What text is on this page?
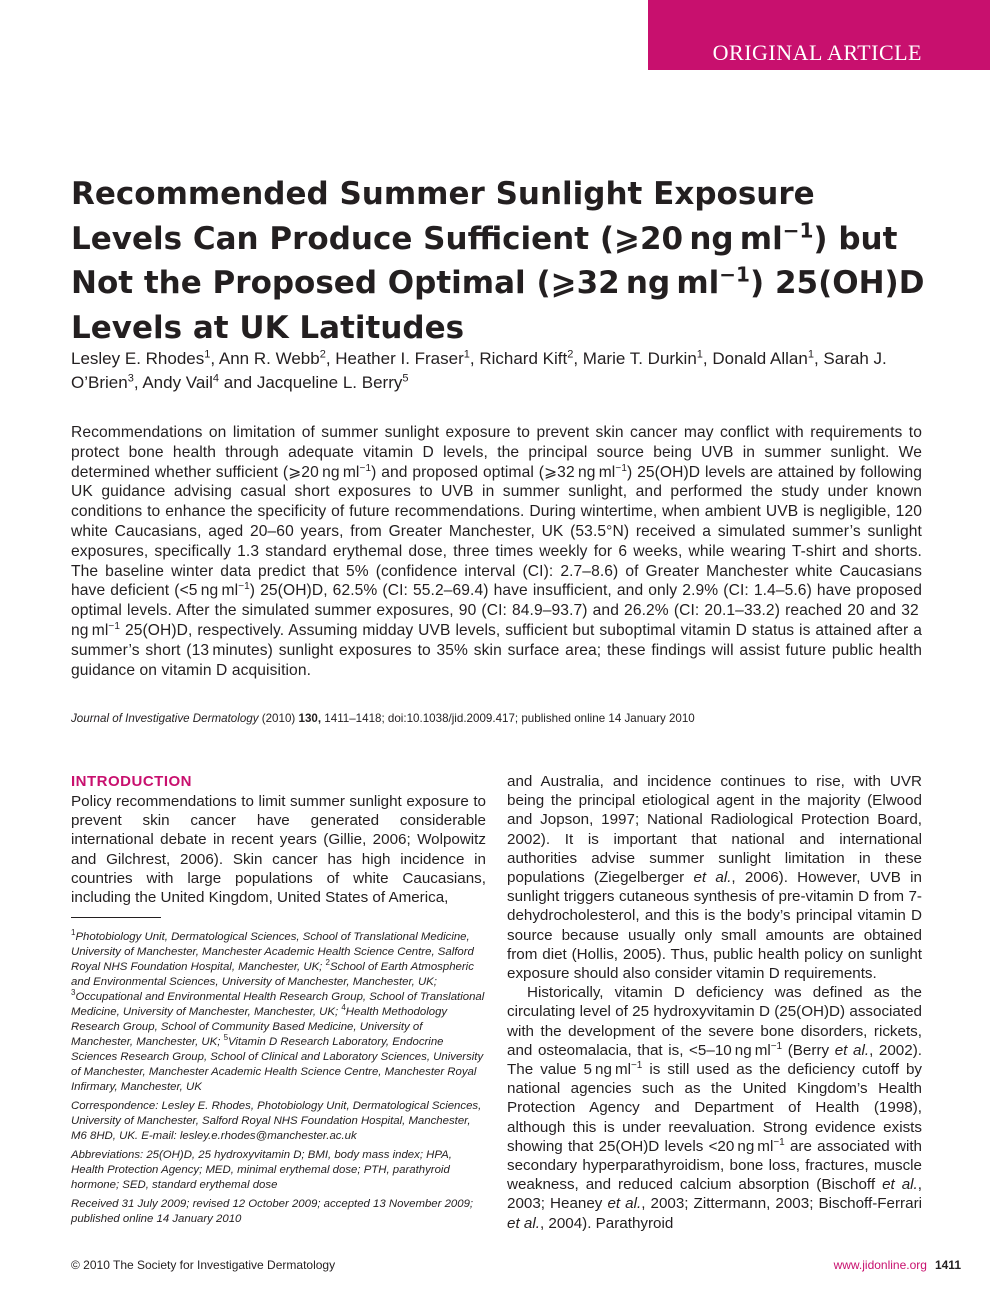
ORIGINAL ARTICLE
Recommended Summer Sunlight Exposure Levels Can Produce Sufficient (⩾20 ng $ml^{-1}$) but Not the Proposed Optimal (⩾32 ng $ml^{-1}$) 25(OH)D Levels at UK Latitudes
Lesley E. Rhodes$^1$, Ann R. Webb$^2$, Heather I. Fraser$^1$, Richard Kift$^2$, Marie T. Durkin$^1$, Donald Allan$^1$, Sarah J. O’Brien$^3$, Andy Vail$^4$ and Jacqueline L. Berry$^5$

Recommendations on limitation of summer sunlight exposure to prevent skin cancer may conflict with requirements to protect bone health through adequate vitamin D levels, the principal source being UVB in summer sunlight. We determined whether sufficient (⩾20 ng $ml^{-1}$) and proposed optimal (⩾32 ng $ml^{-1}$) 25(OH)D levels are attained by following UK guidance advising casual short exposures to UVB in summer sunlight, and performed the study under known conditions to enhance the specificity of future recommendations. During wintertime, when ambient UVB is negligible, 120 white Caucasians, aged 20–60 years, from Greater Manchester, UK (53.5°N) received a simulated summer’s sunlight exposures, specifically 1.3 standard erythemal dose, three times weekly for 6 weeks, while wearing T-shirt and shorts. The baseline winter data predict that 5% (confidence interval (CI): 2.7–8.6) of Greater Manchester white Caucasians have deficient (<5 ng $ml^{-1}$) 25(OH)D, 62.5% (CI: 55.2–69.4) have insufficient, and only 2.9% (CI: 1.4–5.6) have proposed optimal levels. After the simulated summer exposures, 90 (CI: 84.9–93.7) and 26.2% (CI: 20.1–33.2) reached 20 and 32 ng $ml^{-1}$ 25(OH)D, respectively. Assuming midday UVB levels, sufficient but suboptimal vitamin D status is attained after a summer’s short (13 minutes) sunlight exposures to 35% skin surface area; these findings will assist future public health guidance on vitamin D acquisition.

Journal of Investigative Dermatology (2010) 130, 1411–1418; doi:10.1038/jid.2009.417; published online 14 January 2010

INTRODUCTION

Policy recommendations to limit summer sunlight exposure to prevent skin cancer have generated considerable international debate in recent years (Gillie, 2006; Wolpowitz and Gilchrest, 2006). Skin cancer has high incidence in countries with large populations of white Caucasians, including the United Kingdom, United States of America,

$^1$Photobiology Unit, Dermatological Sciences, School of Translational Medicine, University of Manchester, Manchester Academic Health Science Centre, Salford Royal NHS Foundation Hospital, Manchester, UK; $^2$School of Earth Atmospheric and Environmental Sciences, University of Manchester, Manchester, UK; $^3$Occupational and Environmental Health Research Group, School of Translational Medicine, University of Manchester, Manchester, UK; $^4$Health Methodology Research Group, School of Community Based Medicine, University of Manchester, Manchester, UK; $^5$Vitamin D Research Laboratory, Endocrine Sciences Research Group, School of Clinical and Laboratory Sciences, University of Manchester, Manchester Academic Health Science Centre, Manchester Royal Infirmary, Manchester, UK

Correspondence: Lesley E. Rhodes, Photobiology Unit, Dermatological Sciences, University of Manchester, Salford Royal NHS Foundation Hospital, Manchester, M6 8HD, UK. E-mail: lesley.e.rhodes@manchester.ac.uk

Abbreviations: 25(OH)D, 25 hydroxyvitamin D; BMI, body mass index; HPA, Health Protection Agency; MED, minimal erythemal dose; PTH, parathyroid hormone; SED, standard erythemal dose

Received 31 July 2009; revised 12 October 2009; accepted 13 November 2009; published online 14 January 2010

and Australia, and incidence continues to rise, with UVR being the principal etiological agent in the majority (Elwood and Jopson, 1997; National Radiological Protection Board, 2002). It is important that national and international authorities advise summer sunlight limitation in these populations (Ziegelberger et al., 2006). However, UVB in sunlight triggers cutaneous synthesis of pre-vitamin D from 7-dehydrocholesterol, and this is the body’s principal vitamin D source because usually only small amounts are obtained from diet (Hollis, 2005). Thus, public health policy on sunlight exposure should also consider vitamin D requirements.

Historically, vitamin D deficiency was defined as the circulating level of 25 hydroxyvitamin D (25(OH)D) associated with the development of the severe bone disorders, rickets, and osteomalacia, that is, <5–10 ng $ml^{-1}$ (Berry et al., 2002). The value 5 ng $ml^{-1}$ is still used as the deficiency cutoff by national agencies such as the United Kingdom’s Health Protection Agency and Department of Health (1998), although this is under reevaluation. Strong evidence exists showing that 25(OH)D levels <20 ng $ml^{-1}$ are associated with secondary hyperparathyroidism, bone loss, fractures, muscle weakness, and reduced calcium absorption (Bischoff et al., 2003; Heaney et al., 2003; Zittermann, 2003; Bischoff-Ferrari et al., 2004). Parathyroid

© 2010 The Society for Investigative Dermatology	www.jidonline.org 1411
